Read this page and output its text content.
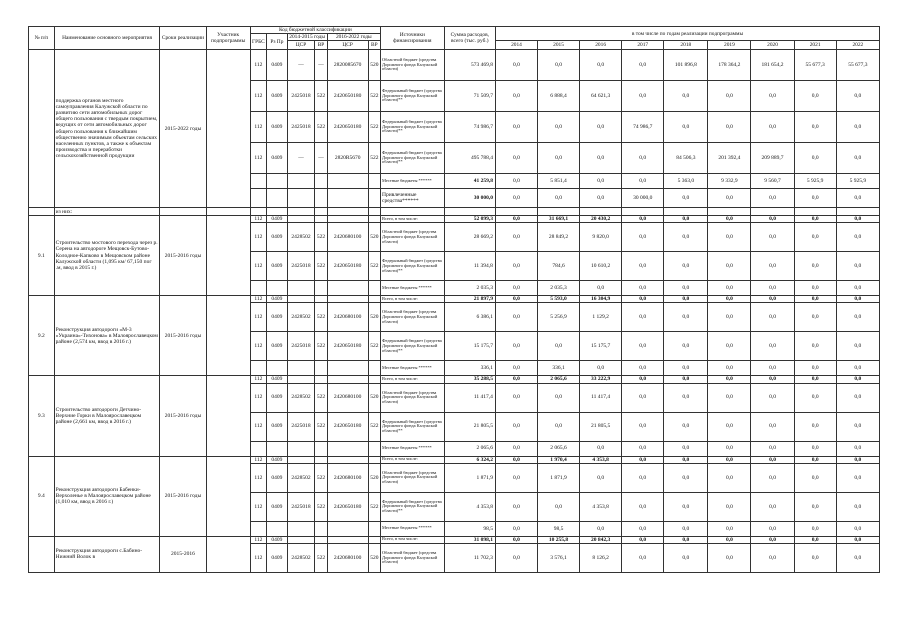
№ п/п	Наименование основного мероприятия	Сроки реализации	Участник подпрограммы	Код бюджетной классификации						Источники финансирования	Сумма расходов, всего (тыс. руб.)	в том числе по годам реализации подпрограммы								
				ГРБС	Рз Пр	2014-2015 годы		2016-2022 годы												
						ЦСР	ВР													
								ЦСР	ВР			2014	2015	2016	2017	2018	2019	2020	2021	2022
	поддержка органов местного самоуправления Калужской области по развитию сети автомобильных дорог общего пользования с твердым покрытием, ведущих от сети автомобильных дорог общего пользования к ближайшим общественно значимым объектам сельских населенных пунктов, а также к объектам производства и переработки сельскохозяйственной продукции	2015-2022 годы		112	0409	—	—	2820085670	520	Областной бюджет (средства Дорожного фонда Калужской области)	573 469,8	0,0	0,0	0,0	0,0	101 896,8	178 364,2	181 654,2	55 677,3	55 677,3
				112	0409	2425018	522	2420650180	522	Федеральный бюджет (средства Дорожного фонда Калужской области)**	71 509,7	0,0	6 888,4	64 621,3	0,0	0,0	0,0	0,0	0,0	0,0
				112	0409	2425018	522	2420650180	522	Федеральный бюджет (средства Дорожного фонда Калужской области)**	74 986,7	0,0	0,0	0,0	74 986,7	0,0	0,0	0,0	0,0	0,0
				112	0409	—	—	2820R5670	522	Федеральный бюджет (средства Дорожного фонда Калужской области)**	495 788,4	0,0	0,0	0,0	0,0	84 506,3	201 392,4	209 889,7	0,0	0,0
										Местные бюджеты ******	41 259,8	0,0	5 851,4	0,0	0,0	5 363,0	9 332,9	9 560,7	5 925,9	5 925,9
										Привлеченные средства******	30 000,0	0,0	0,0	0,0	30 000,0	0,0	0,0	0,0	0,0	0,0
	из них:																			
9.1	Строительство мостового перехода через р. Серена на автодороге Мещовск-Бутово-Колодное-Капково в Мещовском районе Калужской области (1,095 км/ 67,150 пог .м, ввод в 2015 г.)	2015-2016 годы		112	0409					Всего, в том числе:	52 099,3	0,0	31 669,1	20 430,2	0,0	0,0	0,0	0,0	0,0	0,0
				112	0409	2428502	522	2420680100	520	Областной бюджет (средства Дорожного фонда Калужской области)	28 669,2	0,0	28 849,2	9 820,0	0,0	0,0	0,0	0,0	0,0	0,0
				112	0409	2425018	522	2420650180	522	Федеральный бюджет (средства Дорожного фонда Калужской области)**	11 394,8	0,0	784,6	10 610,2	0,0	0,0	0,0	0,0	0,0	0,0
										Местные бюджеты ******	2 035,3	0,0	2 035,3	0,0	0,0	0,0	0,0	0,0	0,0	0,0
9.2	Реконструкция автодороги «М-3 «Украина»-Тихонова» в Малоярославецком районе (2,574 км, ввод в 2016 г.)	2015-2016 годы		112	0409					Всего, в том числе:	21 897,9	0,0	5 593,0	16 304,9	0,0	0,0	0,0	0,0	0,0	0,0
				112	0409	2428502	522	2420680100	520	Областной бюджет (средства Дорожного фонда Калужской области)	6 386,1	0,0	5 256,9	1 129,2	0,0	0,0	0,0	0,0	0,0	0,0
				112	0409	2425018	522	2420650180	522	Федеральный бюджет (средства Дорожного фонда Калужской области)**	15 175,7	0,0	0,0	15 175,7	0,0	0,0	0,0	0,0	0,0	0,0
										Местные бюджеты ******	336,1	0,0	336,1	0,0	0,0	0,0	0,0	0,0	0,0	0,0
9.3	Строительство автодороги Детчино-Верхние Горки в Малоярославецком районе (2,661 км, ввод в 2016 г.)	2015-2016 годы		112	0409					Всего, в том числе:	35 288,5	0,0	2 065,6	33 222,9	0,0	0,0	0,0	0,0	0,0	0,0
				112	0409	2428502	522	2420680100	520	Областной бюджет (средства Дорожного фонда Калужской области)	11 417,4	0,0	0,0	11 417,4	0,0	0,0	0,0	0,0	0,0	0,0
				112	0409	2425018	522	2420650180	522	Федеральный бюджет (средства Дорожного фонда Калужской области)**	21 805,5	0,0	0,0	21 805,5	0,0	0,0	0,0	0,0	0,0	0,0
										Местные бюджеты ******	2 065,6	0,0	2 065,6	0,0	0,0	0,0	0,0	0,0	0,0	0,0
9.4	Реконструкция автодороги Бабенки-Верхоленье в Малоярославецком районе (1,010 км, ввод в 2016 г.)	2015-2016 годы		112	0409					Всего, в том числе:	6 324,2	0,0	1 970,4	4 353,8	0,0	0,0	0,0	0,0	0,0	0,0
				112	0409	2428502	522	2420680100	520	Областной бюджет (средства Дорожного фонда Калужской области)	1 871,9	0,0	1 871,9	0,0	0,0	0,0	0,0	0,0	0,0	0,0
				112	0409	2425018	522	2420650180	522	Федеральный бюджет (средства Дорожного фонда Калужской области)**	4 353,8	0,0	0,0	4 353,8	0,0	0,0	0,0	0,0	0,0	0,0
										Местные бюджеты ******	98,5	0,0	98,5	0,0	0,0	0,0	0,0	0,0	0,0	0,0
	Реконструкция автодороги с.Бабино-Нижний Волок в	2015-2016		112	0409					Всего, в том числе:	31 098,1	0,0	10 255,8	20 842,3	0,0	0,0	0,0	0,0	0,0	0,0
				112	0409	2428502	522	2420680100	520	Областной бюджет (средства Дорожного фонда Калужской области)	11 702,3	0,0	3 576,1	8 126,2	0,0	0,0	0,0	0,0	0,0	0,0
